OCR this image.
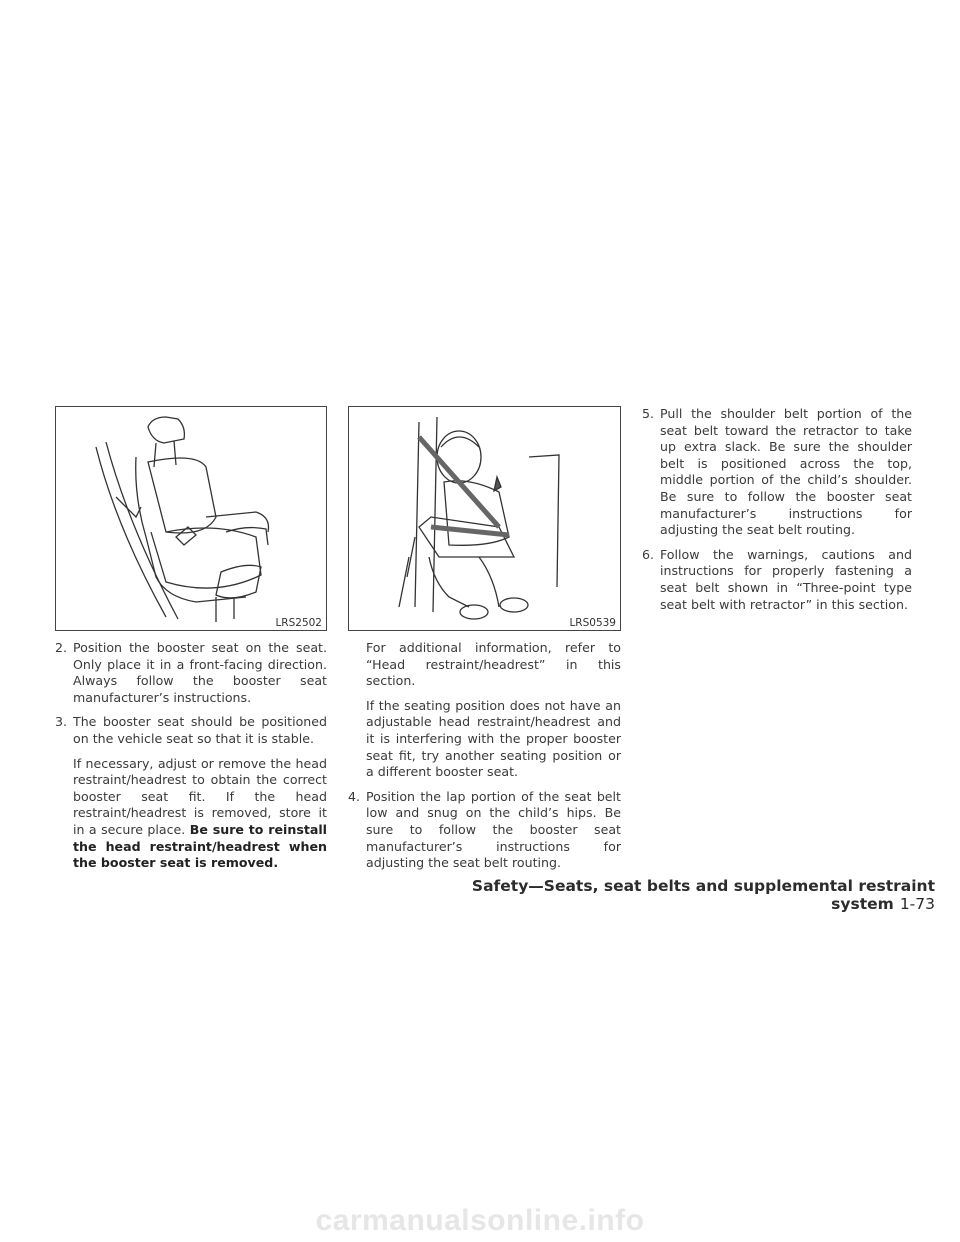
LRS2502	LRS0539
2. Position the booster seat on the seat. Only place it in a front-facing direction. Always follow the booster seat manufacturer’s instructions.
3. The booster seat should be positioned on the vehicle seat so that it is stable.

If necessary, adjust or remove the head restraint/headrest to obtain the correct booster seat fit. If the head restraint/headrest is removed, store it in a secure place. Be sure to reinstall the head restraint/headrest when the booster seat is removed.

For additional information, refer to “Head restraint/headrest” in this section.

If the seating position does not have an adjustable head restraint/headrest and it is interfering with the proper booster seat fit, try another seating position or a different booster seat.

4. Position the lap portion of the seat belt low and snug on the child’s hips. Be sure to follow the booster seat manufacturer’s instructions for adjusting the seat belt routing.
5. Pull the shoulder belt portion of the seat belt toward the retractor to take up extra slack. Be sure the shoulder belt is positioned across the top, middle portion of the child’s shoulder. Be sure to follow the booster seat manufacturer’s instructions for adjusting the seat belt routing.
6. Follow the warnings, cautions and instructions for properly fastening a seat belt shown in “Three-point type seat belt with retractor” in this section.
Safety—Seats, seat belts and supplemental restraint system 1-73
carmanualsonline.info
